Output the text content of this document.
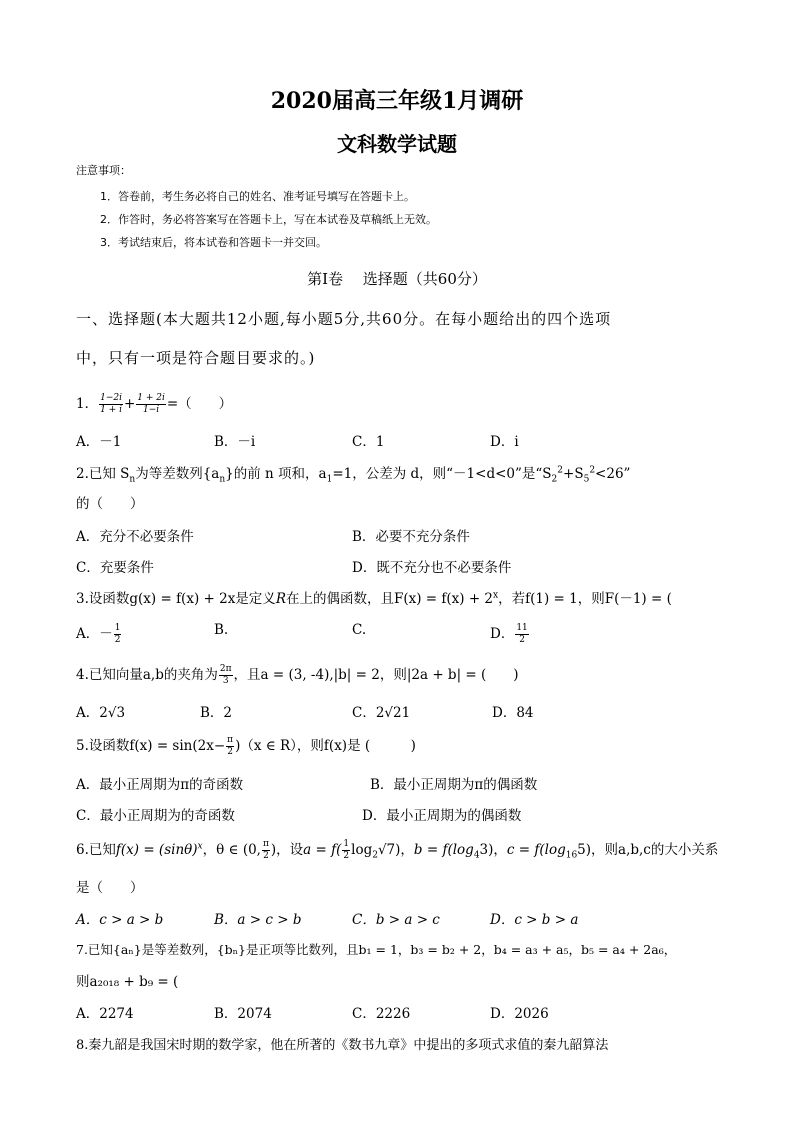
2020届高三年级1月调研
文科数学试题
注意事项：
1．答卷前，考生务必将自己的姓名、准考证号填写在答题卡上。
2．作答时，务必将答案写在答题卡上，写在本试卷及草稿纸上无效。
3．考试结束后，将本试卷和答题卡一并交回。
第Ⅰ卷　 选择题（共60分）
一、选择题(本大题共12小题,每小题5分,共60分。在每小题给出的四个选项
中，只有一项是符合题目要求的。)
1． $\frac{1-2i}{1 + i} + \frac{1 + 2i}{1-i}$ =（　　）
A．－1	B．－i	C．1	D．i
2.已知 $S_n$为等差数列$\{a_n\}$的前 n 项和，$a_1=1$，公差为 d，则“－1<d<0”是“$S_2^2+S_5^2<26$”
的（　　）
A．充分不必要条件	B．必要不充分条件
C．充要条件	D．既不充分也不必要条件
3.设函数g(x) = f(x) + 2x是定义R在上的偶函数，且$F(x) = f(x) + 2^x$，若f(1) = 1，则F(－1) = (
A．－ $\frac{1}{2}$	B.	C.	D． $\frac{11}{2}$
4.已知向量a,b的夹角为 $\frac{2\pi}{3}$ ，且a = (3, -4),|b| = 2，则|2a + b| = (　　)
A．2√3	B．2	C．2√21	D．84
5.设函数$f(x) = \sin(2x- \frac{\pi}{2} )(x$ ∈ R），则f(x)是 (　　　)
A．最小正周期为π的奇函数	B．最小正周期为π的偶函数
C．最小正周期为的奇函数	D．最小正周期为的偶函数
6.已知$f(x) = (\sin\theta)^x$，θ ∈ (0, $\frac{\pi}{2}$ )，设$a = f( \frac{1}{2} \log_2√7)$，$b = f(\log_43)$，$c = f(\log_{16}5)$，则a,b,c的大小关系
是（　　）
A．c > a > b	B．a > c > b	C．b > a > c	D．c > b > a
7.已知{aₙ}是等差数列，{bₙ}是正项等比数列，且b₁ = 1，b₃ = b₂ + 2，b₄ = a₃ + a₅，b₅ = a₄ + 2a₆，
则a₂₀₁₈ + b₉ = (
A．2274	B．2074	C．2226	D．2026
8.秦九韶是我国宋时期的数学家，他在所著的《数书九章》中提出的多项式求值的秦九韶算法
